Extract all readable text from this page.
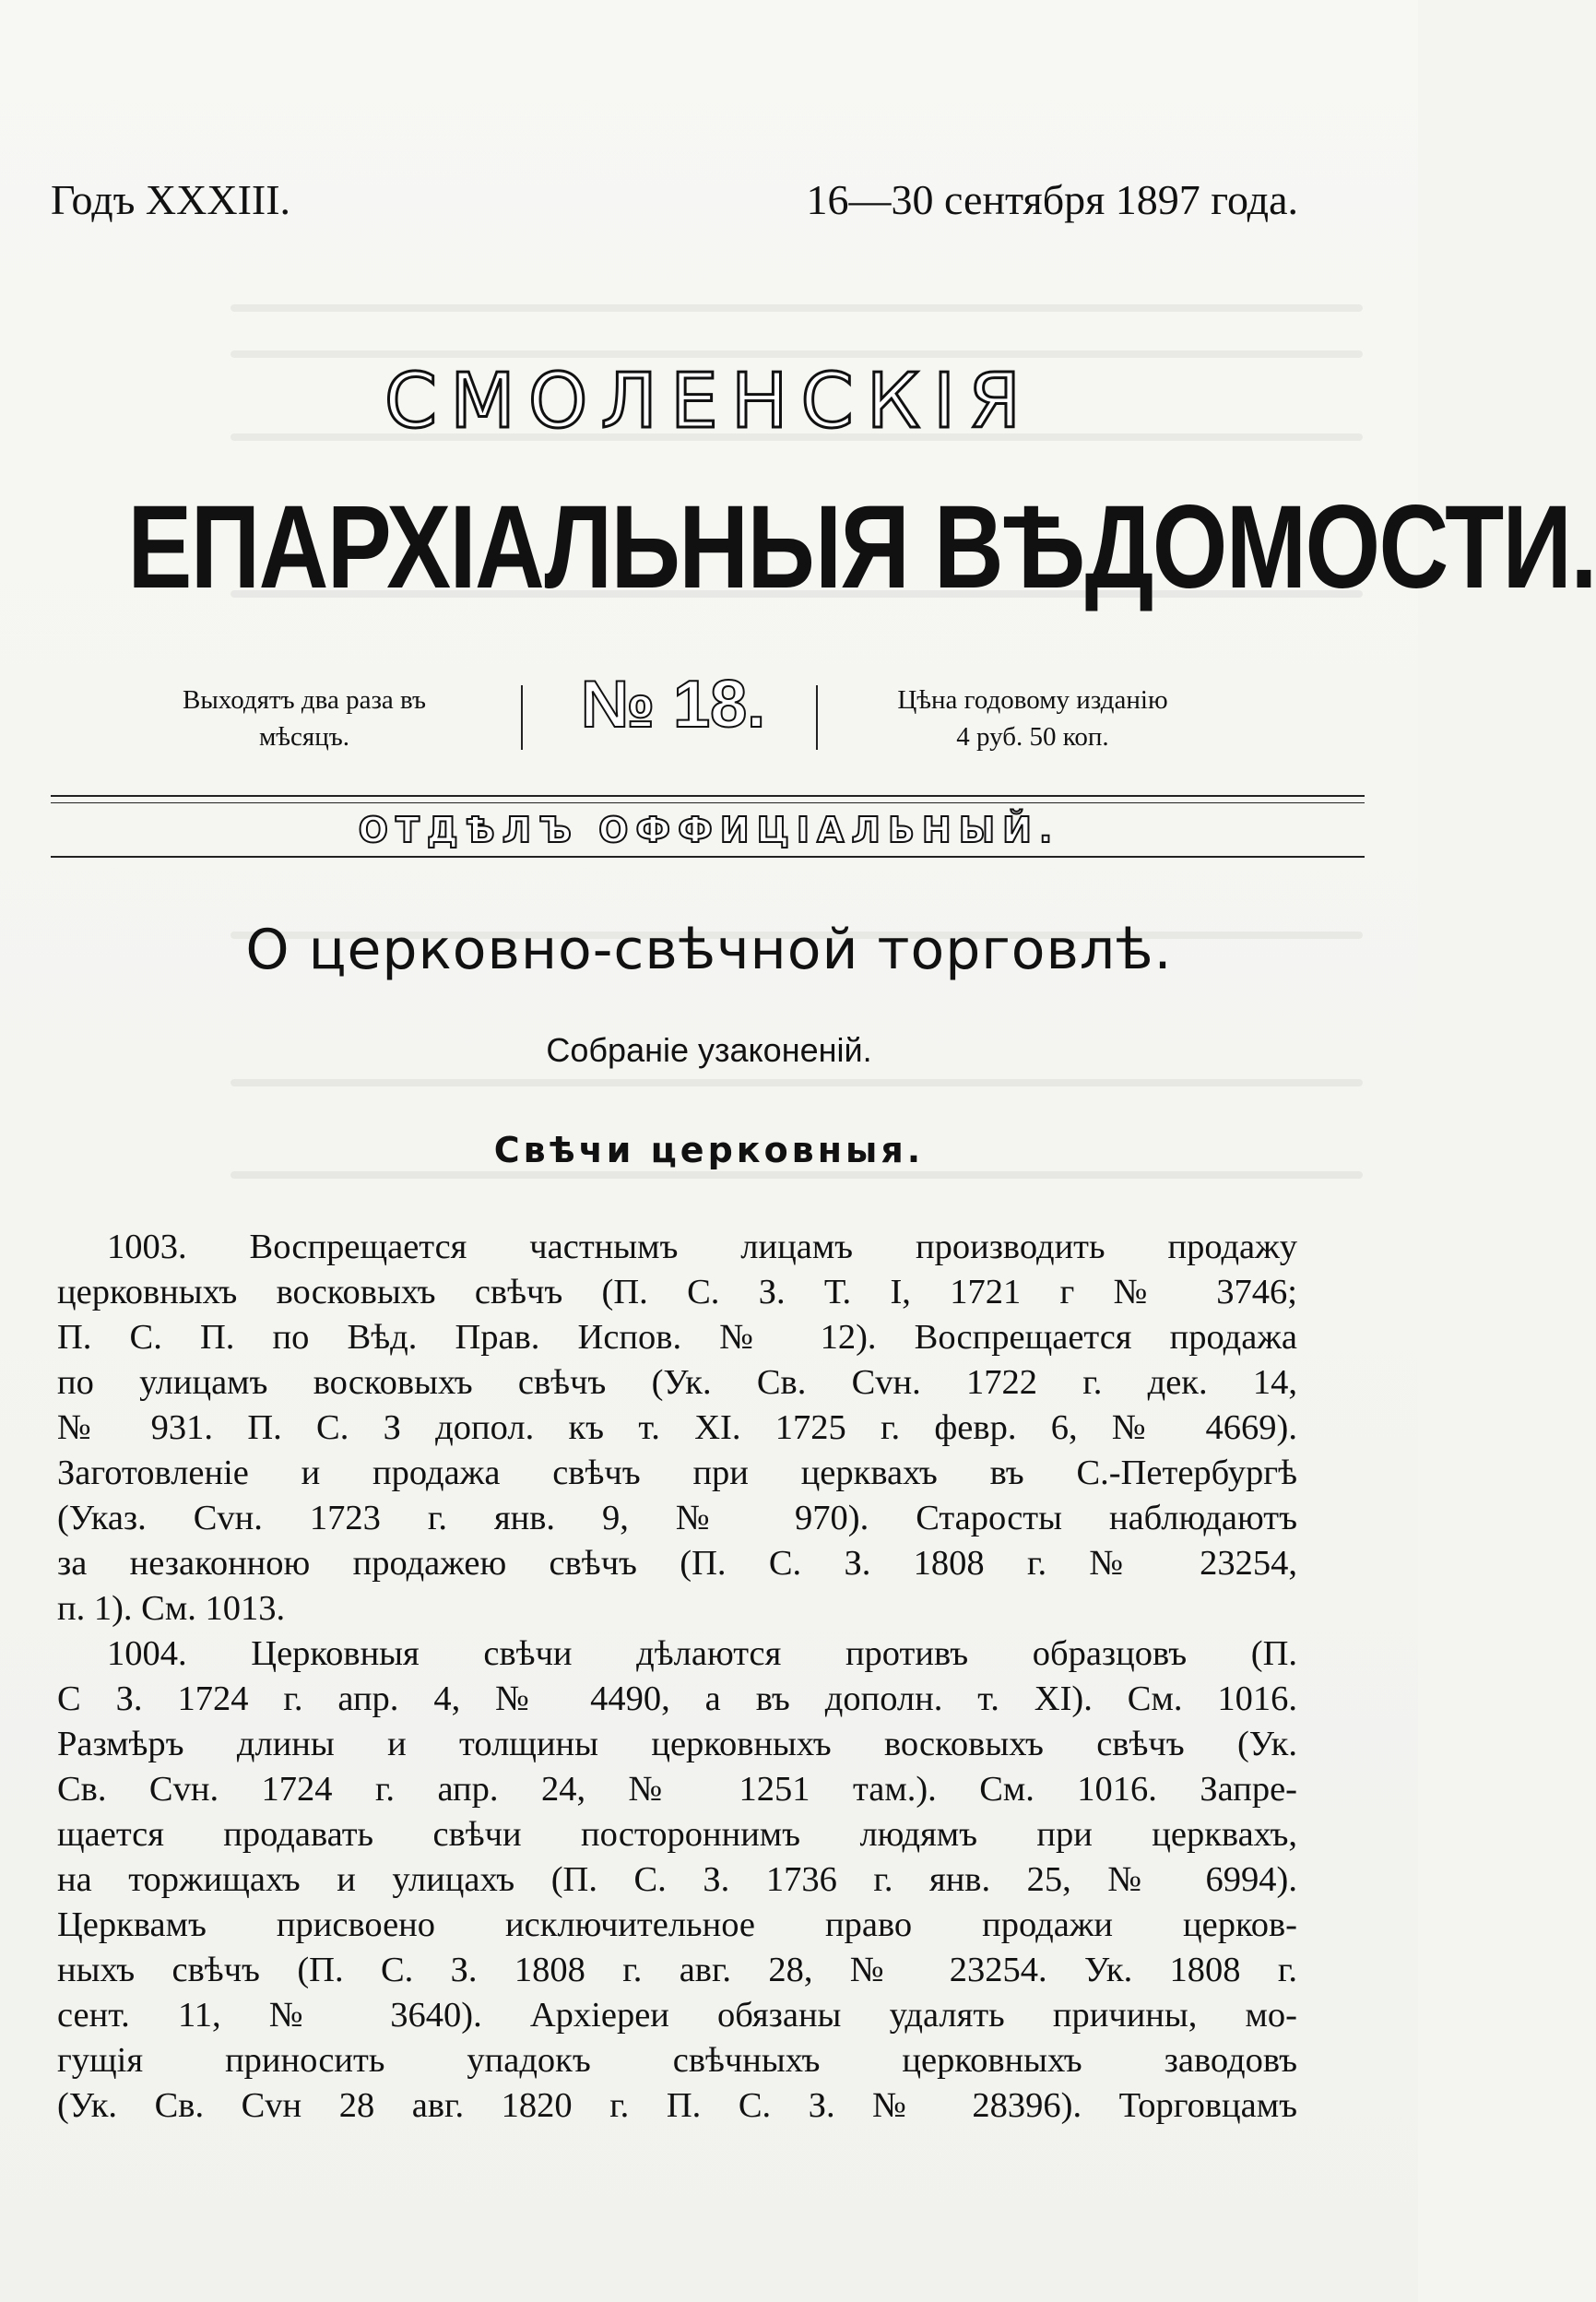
Годъ XXXIII.	16—30 сентября 1897 года.
СМОЛЕНСКІЯ
ЕПАРХІАЛЬНЫЯ ВѢДОМОСТИ.
Выходятъ два раза въ
мѣсяцъ.	№ 18.	Цѣна годовому изданію
4 руб. 50 коп.
ОТДѢЛЪ ОФФИЦІАЛЬНЫЙ.
О церковно-свѣчной торговлѣ.
Собраніе узаконеній.
Свѣчи церковныя.
1003. Воспрещается частнымъ лицамъ производить продажу
церковныхъ восковыхъ свѣчъ (П. С. З. Т. I, 1721 г № 3746;
П. С. П. по Вѣд. Прав. Испов. № 12). Воспрещается продажа
по улицамъ восковыхъ свѣчъ (Ук. Св. Сvн. 1722 г. дек. 14,
№ 931. П. С. З допол. къ т. XI. 1725 г. февр. 6, № 4669).
Заготовленіе и продажа свѣчъ при церквахъ въ С.-Петербургѣ
(Указ. Сvн. 1723 г. янв. 9, № 970). Старосты наблюдаютъ
за незаконною продажею свѣчъ (П. С. З. 1808 г. № 23254,
п. 1). См. 1013.
1004. Церковныя свѣчи дѣлаются противъ образцовъ (П.
С З. 1724 г. апр. 4, № 4490, а въ дополн. т. XI). См. 1016.
Размѣръ длины и толщины церковныхъ восковыхъ свѣчъ (Ук.
Св. Сvн. 1724 г. апр. 24, № 1251 там.). См. 1016. Запре-
щается продавать свѣчи постороннимъ людямъ при церквахъ,
на торжищахъ и улицахъ (П. С. З. 1736 г. янв. 25, № 6994).
Церквамъ присвоено исключительное право продажи церков-
ныхъ свѣчъ (П. С. З. 1808 г. авг. 28, № 23254. Ук. 1808 г.
сент. 11, № 3640). Архіереи обязаны удалять причины, мо-
гущія приносить упадокъ свѣчныхъ церковныхъ заводовъ
(Ук. Св. Сvн 28 авг. 1820 г. П. С. З. № 28396). Торговцамъ
